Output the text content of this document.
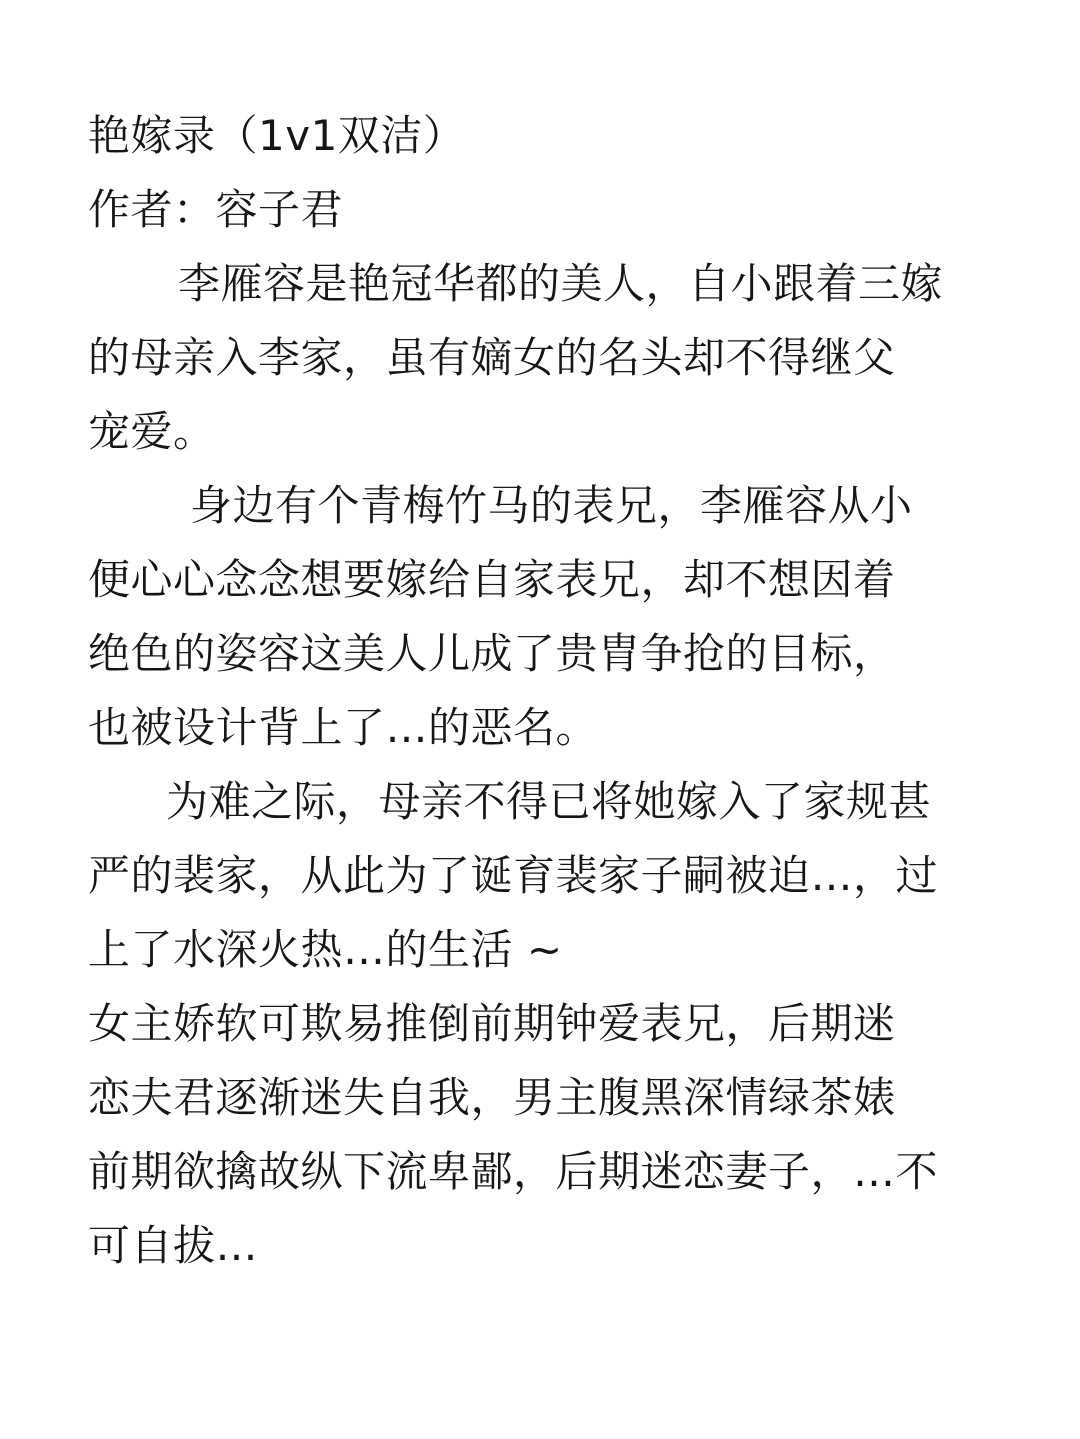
艳嫁录（1v1双洁）
作者：容子君
李雁容是艳冠华都的美人，自小跟着三嫁
的母亲入李家，虽有嫡女的名头却不得继父
宠爱。
身边有个青梅竹马的表兄，李雁容从小
便心心念念想要嫁给自家表兄，却不想因着
绝色的姿容这美人儿成了贵胄争抢的目标，
也被设计背上了…的恶名。
为难之际，母亲不得已将她嫁入了家规甚
严的裴家，从此为了诞育裴家子嗣被迫…，过
上了水深火热…的生活 ~
女主娇软可欺易推倒前期钟爱表兄，后期迷
恋夫君逐渐迷失自我，男主腹黑深情绿茶婊
前期欲擒故纵下流卑鄙，后期迷恋妻子，…不
可自拔…
